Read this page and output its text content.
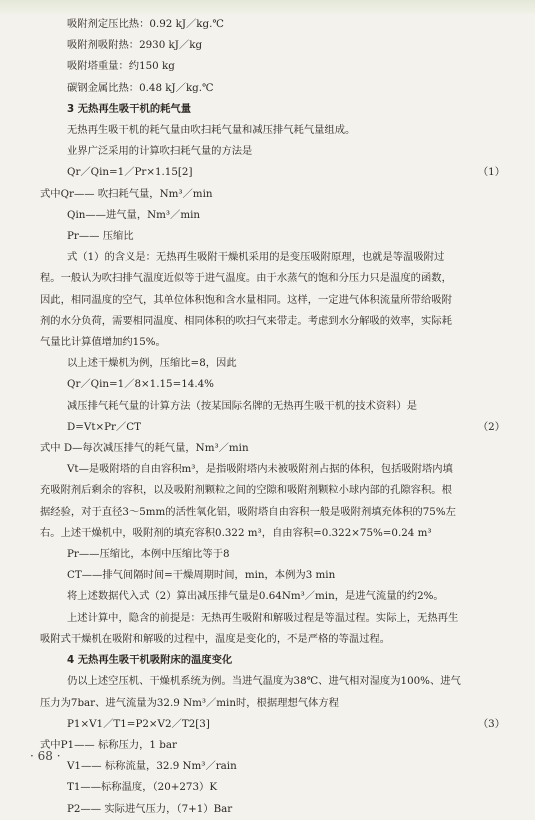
吸附剂定压比热：0.92 kJ／kg.℃

吸附剂吸附热：2930 kJ／kg

吸附塔重量：约150 kg

碳钢金属比热：0.48 kJ／kg.℃

3 无热再生吸干机的耗气量

无热再生吸干机的耗气量由吹扫耗气量和减压排气耗气量组成。

业界广泛采用的计算吹扫耗气量的方法是

Qr／Qin=1／Pr×1.15[2]	（1）

式中Qr—— 吹扫耗气量，Nm³／min

Qin——进气量，Nm³／min

Pr—— 压缩比

式（1）的含义是：无热再生吸附干燥机采用的是变压吸附原理，也就是等温吸附过

程。一般认为吹扫排气温度近似等于进气温度。由于水蒸气的饱和分压力只是温度的函数，

因此，相同温度的空气，其单位体积饱和含水量相同。这样，一定进气体积流量所带给吸附

剂的水分负荷，需要相同温度、相同体积的吹扫气来带走。考虑到水分解吸的效率，实际耗

气量比计算值增加约15%。

以上述干燥机为例，压缩比=8，因此

Qr／Qin=1／8×1.15=14.4%

减压排气耗气量的计算方法（按某国际名牌的无热再生吸干机的技术资料）是

D=Vt×Pr／CT	（2）

式中 D—每次减压排气的耗气量，Nm³／min

Vt—是吸附塔的自由容积m³，是指吸附塔内未被吸附剂占据的体积，包括吸附塔内填

充吸附剂后剩余的容积，以及吸附剂颗粒之间的空隙和吸附剂颗粒小球内部的孔隙容积。根

据经验，对于直径3～5mm的活性氧化铝，吸附塔自由容积一般是吸附剂填充体积的75%左

右。上述干燥机中，吸附剂的填充容积0.322 m³，自由容积=0.322×75%=0.24 m³

Pr——压缩比，本例中压缩比等于8

CT——排气间隔时间=干燥周期时间，min，本例为3 min

将上述数据代入式（2）算出减压排气量是0.64Nm³／min，是进气流量的约2%。

上述计算中，隐含的前提是：无热再生吸附和解吸过程是等温过程。实际上，无热再生

吸附式干燥机在吸附和解吸的过程中，温度是变化的，不是严格的等温过程。

4 无热再生吸干机吸附床的温度变化

仍以上述空压机、干燥机系统为例。当进气温度为38℃、进气相对湿度为100%、进气

压力为7bar、进气流量为32.9 Nm³／min时，根据理想气体方程

P1×V1／T1=P2×V2／T2[3]	（3）

式中P1—— 标称压力，1 bar

V1—— 标称流量，32.9 Nm³／rain

T1——标称温度，（20+273）K

P2—— 实际进气压力，（7+1）Bar

· 68 ·
